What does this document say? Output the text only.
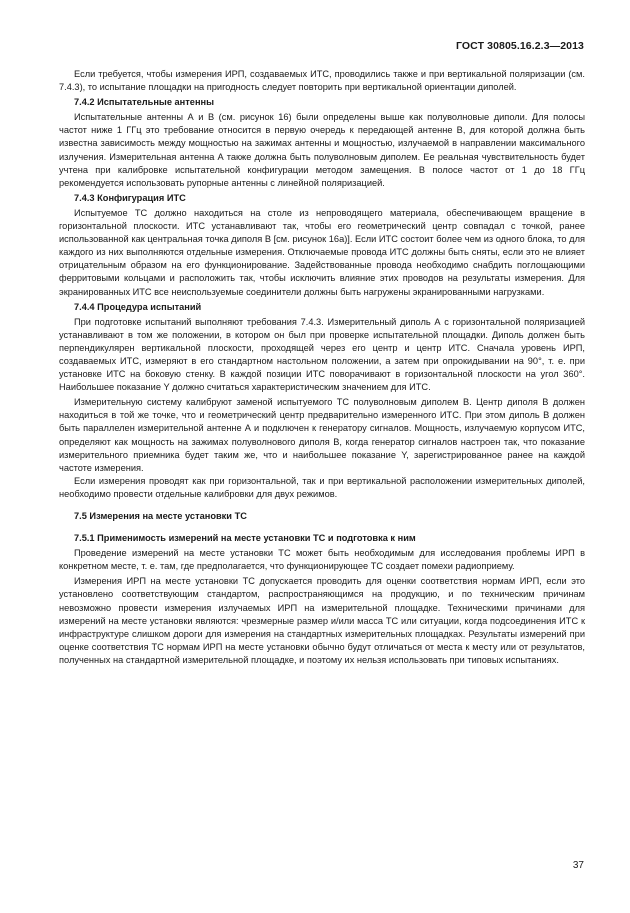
ГОСТ 30805.16.2.3—2013

Если требуется, чтобы измерения ИРП, создаваемых ИТС, проводились также и при вертикальной поляризации (см. 7.4.3), то испытание площадки на пригодность следует повторить при вертикальной ориентации диполей.

7.4.2 Испытательные антенны

Испытательные антенны А и В (см. рисунок 16) были определены выше как полуволновые диполи. Для полосы частот ниже 1 ГГц это требование относится в первую очередь к передающей антенне В, для которой должна быть известна зависимость между мощностью на зажимах антенны и мощностью, излучаемой в направлении максимального излучения. Измерительная антенна А также должна быть полуволновым диполем. Ее реальная чувствительность будет учтена при калибровке испытательной конфигурации методом замещения. В полосе частот от 1 до 18 ГГц рекомендуется использовать рупорные антенны с линейной поляризацией.

7.4.3 Конфигурация ИТС

Испытуемое ТС должно находиться на столе из непроводящего материала, обеспечивающем вращение в горизонтальной плоскости. ИТС устанавливают так, чтобы его геометрический центр совпадал с точкой, ранее использованной как центральная точка диполя В [см. рисунок 16а)]. Если ИТС состоит более чем из одного блока, то для каждого из них выполняются отдельные измерения. Отключаемые провода ИТС должны быть сняты, если это не влияет отрицательным образом на его функционирование. Задействованные провода необходимо снабдить поглощающими ферритовыми кольцами и расположить так, чтобы исключить влияние этих проводов на результаты измерения. Для экранированных ИТС все неиспользуемые соединители должны быть нагружены экранированными нагрузками.

7.4.4 Процедура испытаний

При подготовке испытаний выполняют требования 7.4.3. Измерительный диполь А с горизонтальной поляризацией устанавливают в том же положении, в котором он был при проверке испытательной площадки. Диполь должен быть перпендикулярен вертикальной плоскости, проходящей через его центр и центр ИТС. Сначала уровень ИРП, создаваемых ИТС, измеряют в его стандартном настольном положении, а затем при опрокидывании на 90°, т. е. при установке ИТС на боковую стенку. В каждой позиции ИТС поворачивают в горизонтальной плоскости на угол 360°. Наибольшее показание Y должно считаться характеристическим значением для ИТС.

Измерительную систему калибруют заменой испытуемого ТС полуволновым диполем В. Центр диполя В должен находиться в той же точке, что и геометрический центр предварительно измеренного ИТС. При этом диполь В должен быть параллелен измерительной антенне А и подключен к генератору сигналов. Мощность, излучаемую корпусом ИТС, определяют как мощность на зажимах полуволнового диполя В, когда генератор сигналов настроен так, что показание измерительного приемника будет таким же, что и наибольшее показание Y, зарегистрированное ранее на каждой частоте измерения.

Если измерения проводят как при горизонтальной, так и при вертикальной расположении измерительных диполей, необходимо провести отдельные калибровки для двух режимов.

7.5 Измерения на месте установки ТС
7.5.1 Применимость измерений на месте установки ТС и подготовка к ним

Проведение измерений на месте установки ТС может быть необходимым для исследования проблемы ИРП в конкретном месте, т. е. там, где предполагается, что функционирующее ТС создает помехи радиоприему.

Измерения ИРП на месте установки ТС допускается проводить для оценки соответствия нормам ИРП, если это установлено соответствующим стандартом, распространяющимся на продукцию, и по техническим причинам невозможно провести измерения излучаемых ИРП на измерительной площадке. Техническими причинами для измерений на месте установки являются: чрезмерные размер и/или масса ТС или ситуации, когда подсоединения ИТС к инфраструктуре слишком дороги для измерения на стандартных измерительных площадках. Результаты измерений при оценке соответствия ТС нормам ИРП на месте установки обычно будут отличаться от места к месту или от результатов, полученных на стандартной измерительной площадке, и поэтому их нельзя использовать при типовых испытаниях.

37
